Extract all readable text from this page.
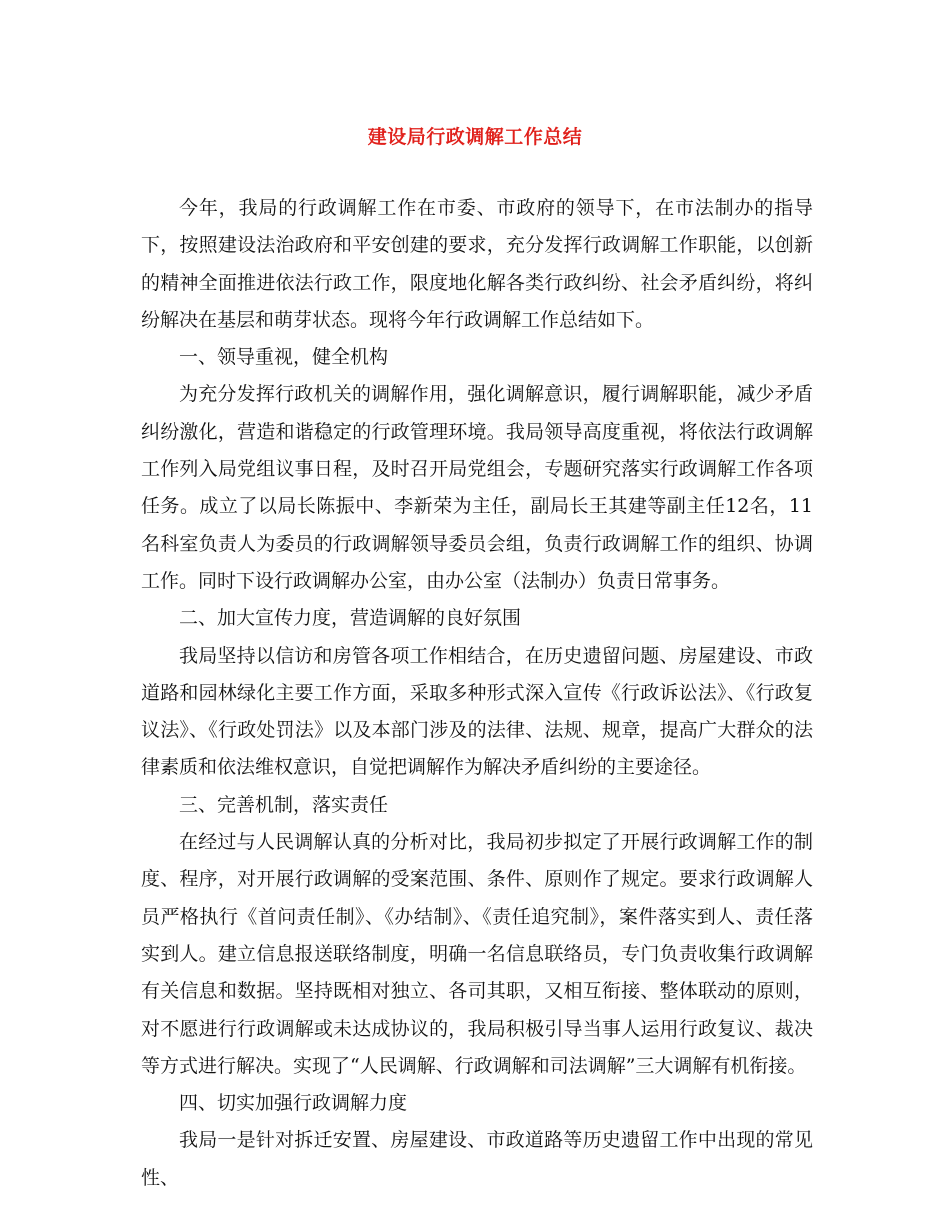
建设局行政调解工作总结

今年，我局的行政调解工作在市委、市政府的领导下，在市法制办的指导下，按照建设法治政府和平安创建的要求，充分发挥行政调解工作职能，以创新的精神全面推进依法行政工作，限度地化解各类行政纠纷、社会矛盾纠纷，将纠纷解决在基层和萌芽状态。现将今年行政调解工作总结如下。

一、领导重视，健全机构

为充分发挥行政机关的调解作用，强化调解意识，履行调解职能，减少矛盾纠纷激化，营造和谐稳定的行政管理环境。我局领导高度重视，将依法行政调解工作列入局党组议事日程，及时召开局党组会，专题研究落实行政调解工作各项任务。成立了以局长陈振中、李新荣为主任，副局长王其建等副主任12名，11名科室负责人为委员的行政调解领导委员会组，负责行政调解工作的组织、协调工作。同时下设行政调解办公室，由办公室（法制办）负责日常事务。

二、加大宣传力度，营造调解的良好氛围

我局坚持以信访和房管各项工作相结合，在历史遗留问题、房屋建设、市政道路和园林绿化主要工作方面，采取多种形式深入宣传《行政诉讼法》、《行政复议法》、《行政处罚法》以及本部门涉及的法律、法规、规章，提高广大群众的法律素质和依法维权意识，自觉把调解作为解决矛盾纠纷的主要途径。

三、完善机制，落实责任

在经过与人民调解认真的分析对比，我局初步拟定了开展行政调解工作的制度、程序，对开展行政调解的受案范围、条件、原则作了规定。要求行政调解人员严格执行《首问责任制》、《办结制》、《责任追究制》，案件落实到人、责任落实到人。建立信息报送联络制度，明确一名信息联络员，专门负责收集行政调解有关信息和数据。坚持既相对独立、各司其职，又相互衔接、整体联动的原则，对不愿进行行政调解或未达成协议的，我局积极引导当事人运用行政复议、裁决等方式进行解决。实现了“人民调解、行政调解和司法调解”三大调解有机衔接。

四、切实加强行政调解力度

我局一是针对拆迁安置、房屋建设、市政道路等历史遗留工作中出现的常见性、
